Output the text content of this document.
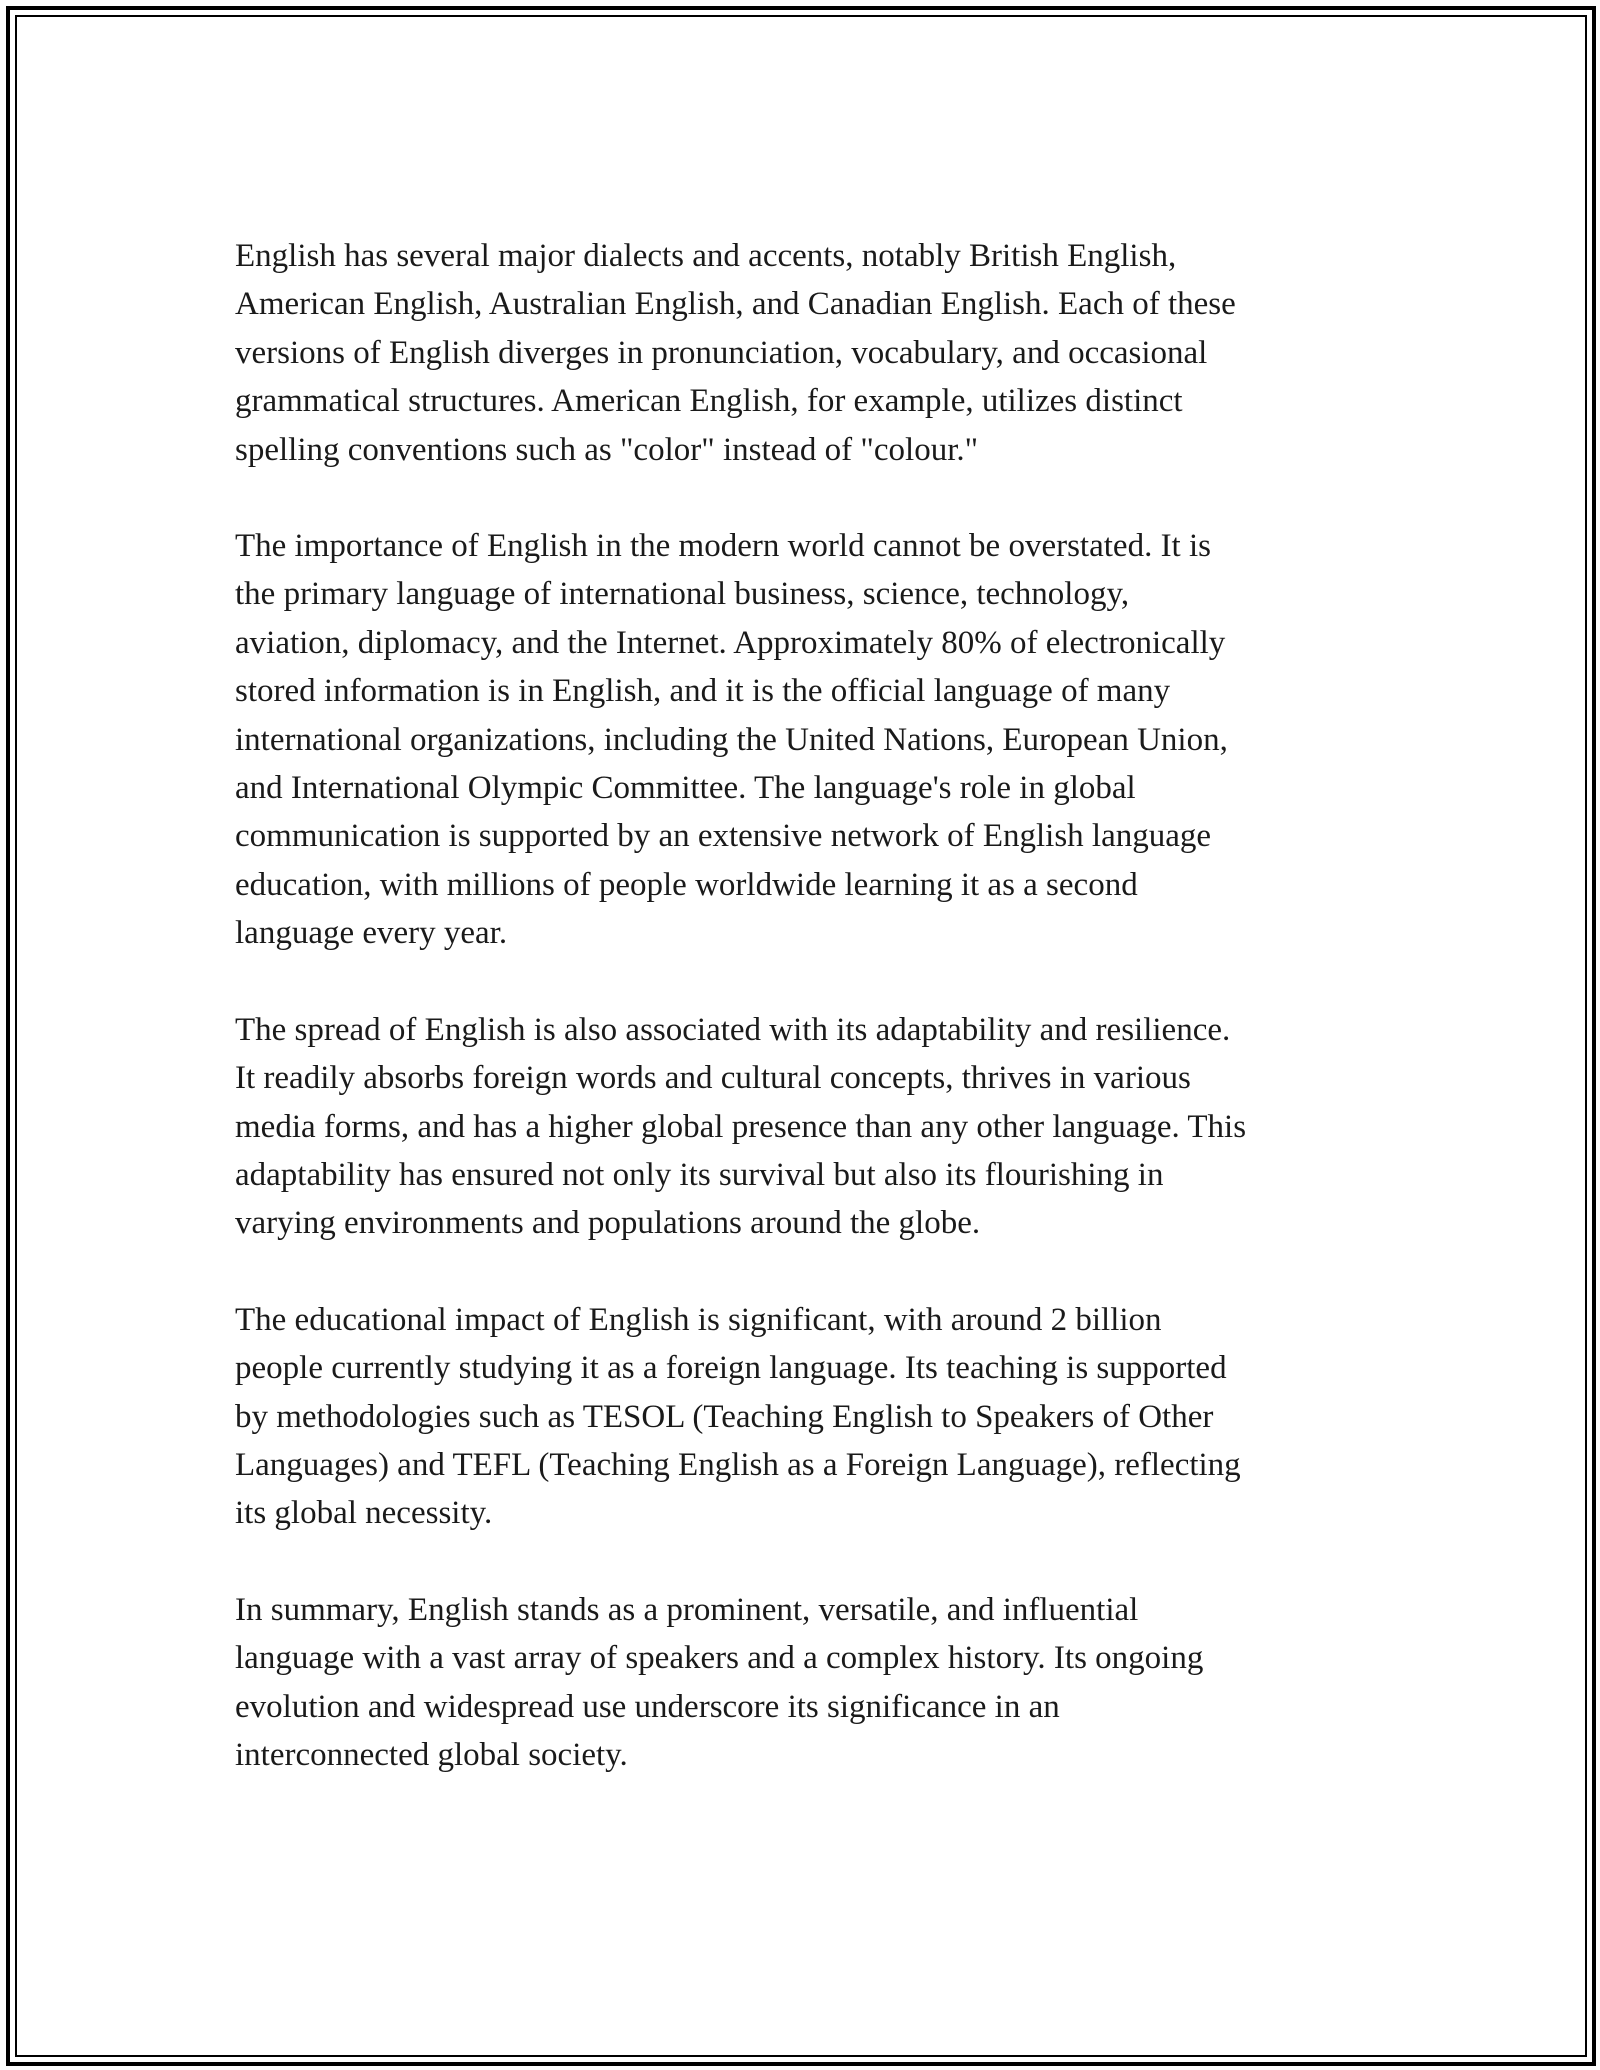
English has several major dialects and accents, notably British English,
American English, Australian English, and Canadian English. Each of these
versions of English diverges in pronunciation, vocabulary, and occasional
grammatical structures. American English, for example, utilizes distinct
spelling conventions such as "color" instead of "colour."

The importance of English in the modern world cannot be overstated. It is
the primary language of international business, science, technology,
aviation, diplomacy, and the Internet. Approximately 80% of electronically
stored information is in English, and it is the official language of many
international organizations, including the United Nations, European Union,
and International Olympic Committee. The language's role in global
communication is supported by an extensive network of English language
education, with millions of people worldwide learning it as a second
language every year.

The spread of English is also associated with its adaptability and resilience.
It readily absorbs foreign words and cultural concepts, thrives in various
media forms, and has a higher global presence than any other language. This
adaptability has ensured not only its survival but also its flourishing in
varying environments and populations around the globe.

The educational impact of English is significant, with around 2 billion
people currently studying it as a foreign language. Its teaching is supported
by methodologies such as TESOL (Teaching English to Speakers of Other
Languages) and TEFL (Teaching English as a Foreign Language), reflecting
its global necessity.

In summary, English stands as a prominent, versatile, and influential
language with a vast array of speakers and a complex history. Its ongoing
evolution and widespread use underscore its significance in an
interconnected global society.
